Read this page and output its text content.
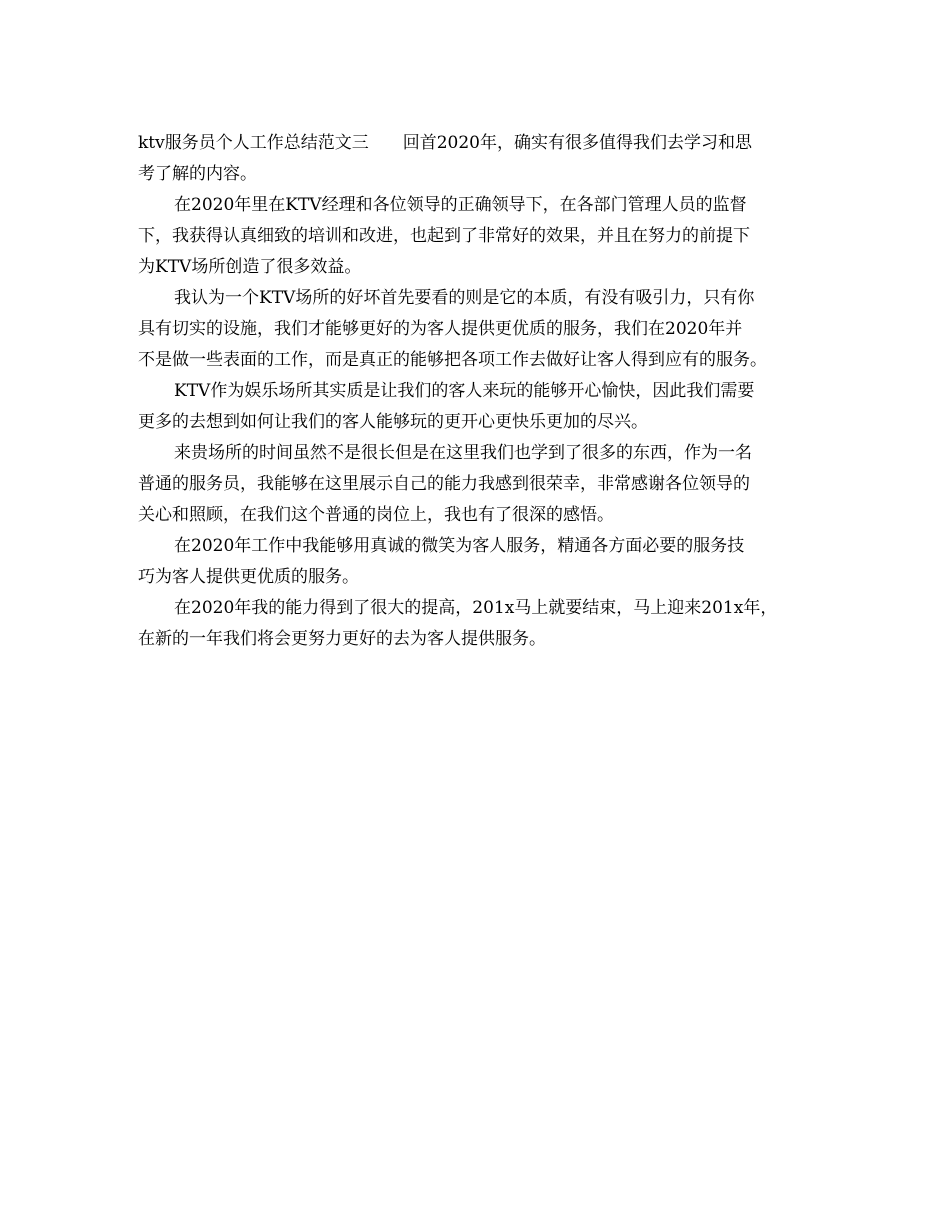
ktv服务员个人工作总结范文三　　回首2020年，确实有很多值得我们去学习和思
考了解的内容。
在2020年里在KTV经理和各位领导的正确领导下，在各部门管理人员的监督
下，我获得认真细致的培训和改进，也起到了非常好的效果，并且在努力的前提下
为KTV场所创造了很多效益。
我认为一个KTV场所的好坏首先要看的则是它的本质，有没有吸引力，只有你
具有切实的设施，我们才能够更好的为客人提供更优质的服务，我们在2020年并
不是做一些表面的工作，而是真正的能够把各项工作去做好让客人得到应有的服务。
KTV作为娱乐场所其实质是让我们的客人来玩的能够开心愉快，因此我们需要
更多的去想到如何让我们的客人能够玩的更开心更快乐更加的尽兴。
来贵场所的时间虽然不是很长但是在这里我们也学到了很多的东西，作为一名
普通的服务员，我能够在这里展示自己的能力我感到很荣幸，非常感谢各位领导的
关心和照顾，在我们这个普通的岗位上，我也有了很深的感悟。
在2020年工作中我能够用真诚的微笑为客人服务，精通各方面必要的服务技
巧为客人提供更优质的服务。
在2020年我的能力得到了很大的提高，201x马上就要结束，马上迎来201x年，
在新的一年我们将会更努力更好的去为客人提供服务。
